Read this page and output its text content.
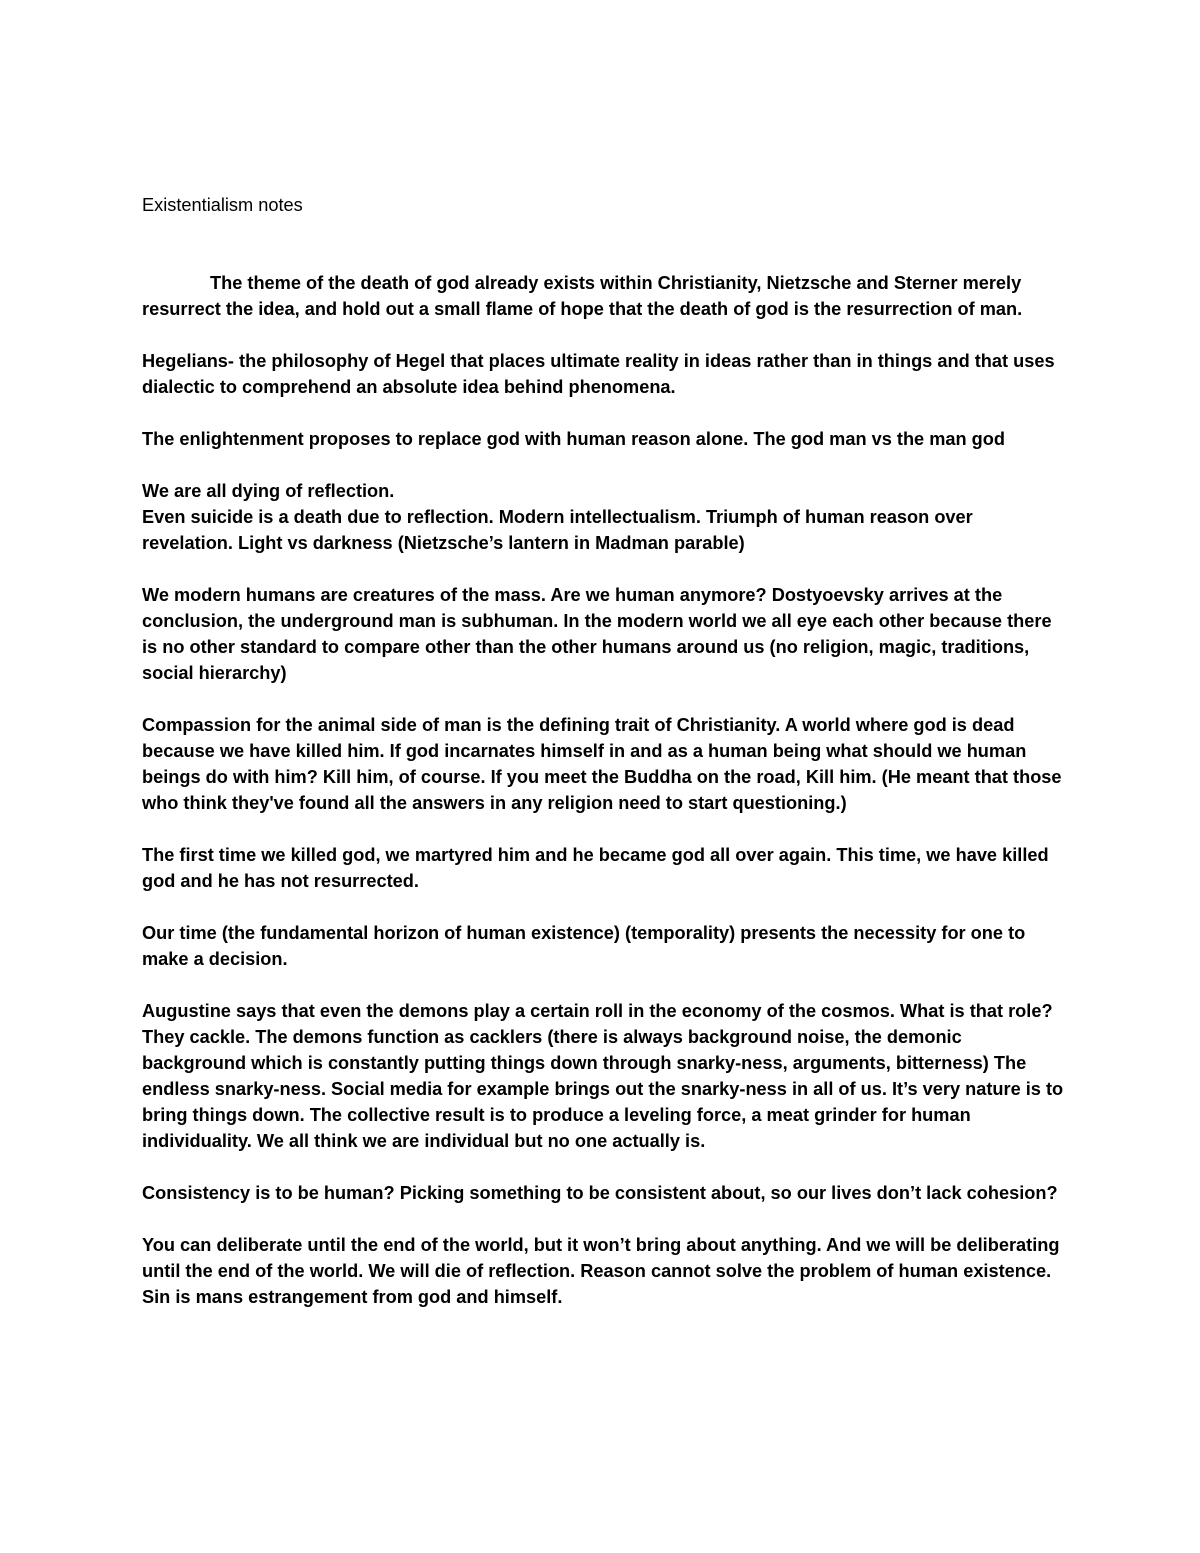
Existentialism notes

The theme of the death of god already exists within Christianity, Nietzsche and Sterner merely resurrect the idea, and hold out a small flame of hope that the death of god is the resurrection of man.

Hegelians- the philosophy of Hegel that places ultimate reality in ideas rather than in things and that uses dialectic to comprehend an absolute idea behind phenomena.

The enlightenment proposes to replace god with human reason alone. The god man vs the man god

We are all dying of reflection.

Even suicide is a death due to reflection. Modern intellectualism. Triumph of human reason over revelation. Light vs darkness (Nietzsche’s lantern in Madman parable)

We modern humans are creatures of the mass. Are we human anymore? Dostyoevsky arrives at the conclusion, the underground man is subhuman. In the modern world we all eye each other because there is no other standard to compare other than the other humans around us (no religion, magic, traditions, social hierarchy)

Compassion for the animal side of man is the defining trait of Christianity. A world where god is dead because we have killed him. If god incarnates himself in and as a human being what should we human beings do with him? Kill him, of course. If you meet the Buddha on the road, Kill him. (He meant that those who think they've found all the answers in any religion need to start questioning.)

The first time we killed god, we martyred him and he became god all over again. This time, we have killed god and he has not resurrected.

Our time (the fundamental horizon of human existence) (temporality) presents the necessity for one to make a decision.

Augustine says that even the demons play a certain roll in the economy of the cosmos. What is that role? They cackle. The demons function as cacklers (there is always background noise, the demonic background which is constantly putting things down through snarky-ness, arguments, bitterness) The endless snarky-ness. Social media for example brings out the snarky-ness in all of us. It’s very nature is to bring things down. The collective result is to produce a leveling force, a meat grinder for human individuality. We all think we are individual but no one actually is.

Consistency is to be human? Picking something to be consistent about, so our lives don’t lack cohesion?

You can deliberate until the end of the world, but it won’t bring about anything. And we will be deliberating until the end of the world. We will die of reflection. Reason cannot solve the problem of human existence. Sin is mans estrangement from god and himself.
